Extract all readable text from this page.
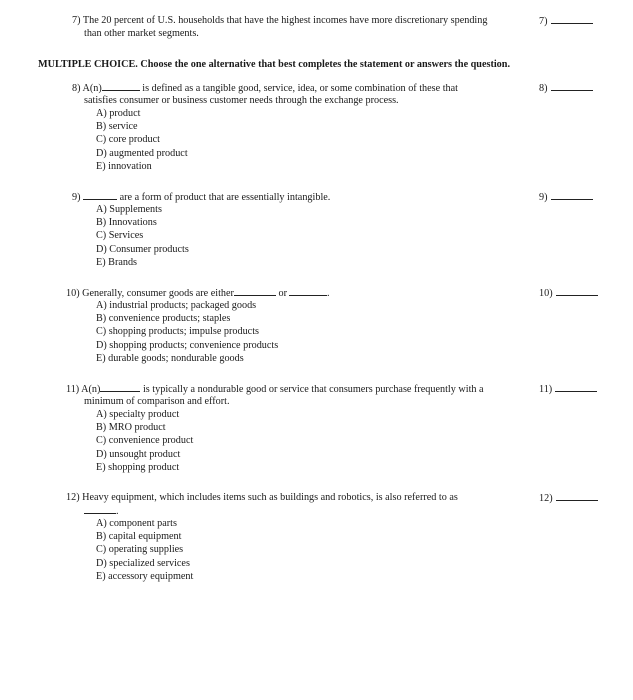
7) The 20 percent of U.S. households that have the highest incomes have more discretionary spending
than other market segments.
7)
MULTIPLE CHOICE. Choose the one alternative that best completes the statement or answers the question.
8) A(n)	is defined as a tangible good, service, idea, or some combination of these that
satisfies consumer or business customer needs through the exchange process.
A) product
B) service
C) core product
D) augmented product
E) innovation
8)
9)	are a form of product that are essentially intangible.
A) Supplements
B) Innovations
C) Services
D) Consumer products
E) Brands
9)
10) Generally, consumer goods are either	or	.
A) industrial products; packaged goods
B) convenience products; staples
C) shopping products; impulse products
D) shopping products; convenience products
E) durable goods; nondurable goods
10)
11) A(n)	is typically a nondurable good or service that consumers purchase frequently with a
minimum of comparison and effort.
A) specialty product
B) MRO product
C) convenience product
D) unsought product
E) shopping product
11)
12) Heavy equipment, which includes items such as buildings and robotics, is also referred to as
.
A) component parts
B) capital equipment
C) operating supplies
D) specialized services
E) accessory equipment
12)
